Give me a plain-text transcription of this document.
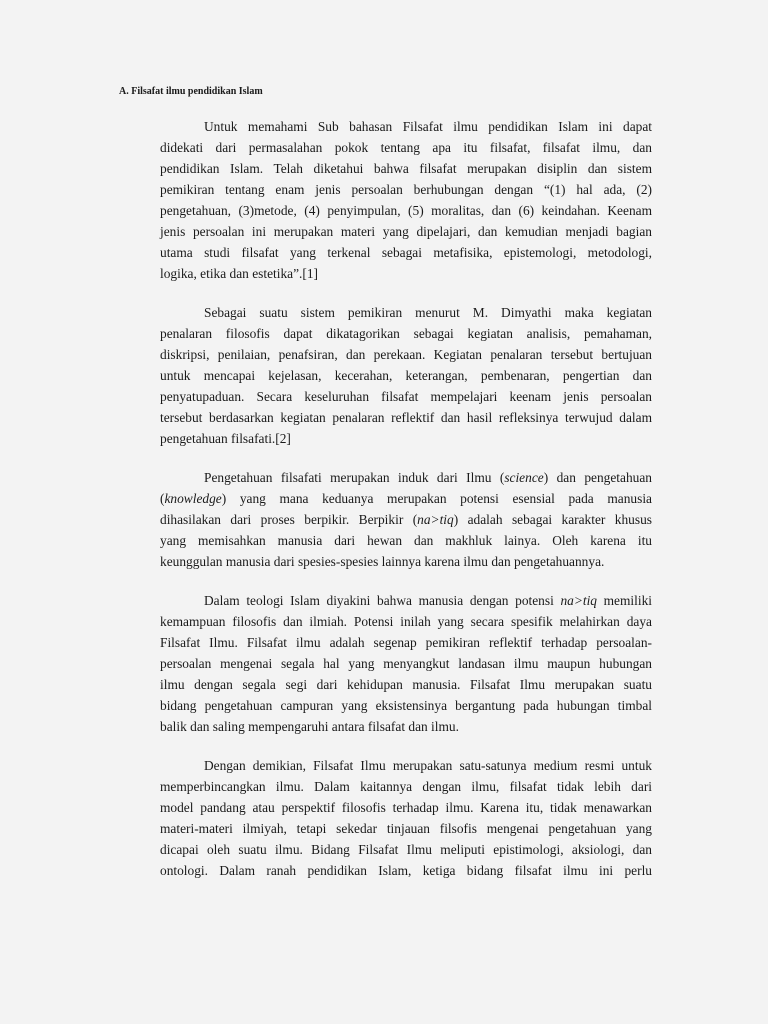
A. Filsafat ilmu pendidikan Islam

Untuk memahami Sub bahasan Filsafat ilmu pendidikan Islam ini dapat
didekati dari permasalahan pokok tentang apa itu filsafat, filsafat ilmu, dan
pendidikan Islam. Telah diketahui bahwa filsafat merupakan disiplin dan sistem
pemikiran tentang enam jenis persoalan berhubungan dengan “(1) hal ada, (2)
pengetahuan, (3)metode, (4) penyimpulan, (5) moralitas, dan (6) keindahan. Keenam
jenis persoalan ini merupakan materi yang dipelajari, dan kemudian menjadi bagian
utama studi filsafat yang terkenal sebagai metafisika, epistemologi, metodologi,
logika, etika dan estetika”.[1]

Sebagai suatu sistem pemikiran menurut M. Dimyathi maka kegiatan
penalaran filosofis dapat dikatagorikan sebagai kegiatan analisis, pemahaman,
diskripsi, penilaian, penafsiran, dan perekaan. Kegiatan penalaran tersebut bertujuan
untuk mencapai kejelasan, kecerahan, keterangan, pembenaran, pengertian dan
penyatupaduan. Secara keseluruhan filsafat mempelajari keenam jenis persoalan
tersebut berdasarkan kegiatan penalaran reflektif dan hasil refleksinya terwujud dalam
pengetahuan filsafati.[2]

Pengetahuan filsafati merupakan induk dari Ilmu (science) dan pengetahuan
(knowledge) yang mana keduanya merupakan potensi esensial pada manusia
dihasilakan dari proses berpikir. Berpikir (na>tiq) adalah sebagai karakter khusus
yang memisahkan manusia dari hewan dan makhluk lainya. Oleh karena itu
keunggulan manusia dari spesies-spesies lainnya karena ilmu dan pengetahuannya.

Dalam teologi Islam diyakini bahwa manusia dengan potensi na>tiq memiliki
kemampuan filosofis dan ilmiah. Potensi inilah yang secara spesifik melahirkan daya
Filsafat Ilmu. Filsafat ilmu adalah segenap pemikiran reflektif terhadap persoalan-
persoalan mengenai segala hal yang menyangkut landasan ilmu maupun hubungan
ilmu dengan segala segi dari kehidupan manusia. Filsafat Ilmu merupakan suatu
bidang pengetahuan campuran yang eksistensinya bergantung pada hubungan timbal
balik dan saling mempengaruhi antara filsafat dan ilmu.

Dengan demikian, Filsafat Ilmu merupakan satu-satunya medium resmi untuk
memperbincangkan ilmu. Dalam kaitannya dengan ilmu, filsafat tidak lebih dari
model pandang atau perspektif filosofis terhadap ilmu. Karena itu, tidak menawarkan
materi-materi ilmiyah, tetapi sekedar tinjauan filsofis mengenai pengetahuan yang
dicapai oleh suatu ilmu. Bidang Filsafat Ilmu meliputi epistimologi, aksiologi, dan
ontologi. Dalam ranah pendidikan Islam, ketiga bidang filsafat ilmu ini perlu
